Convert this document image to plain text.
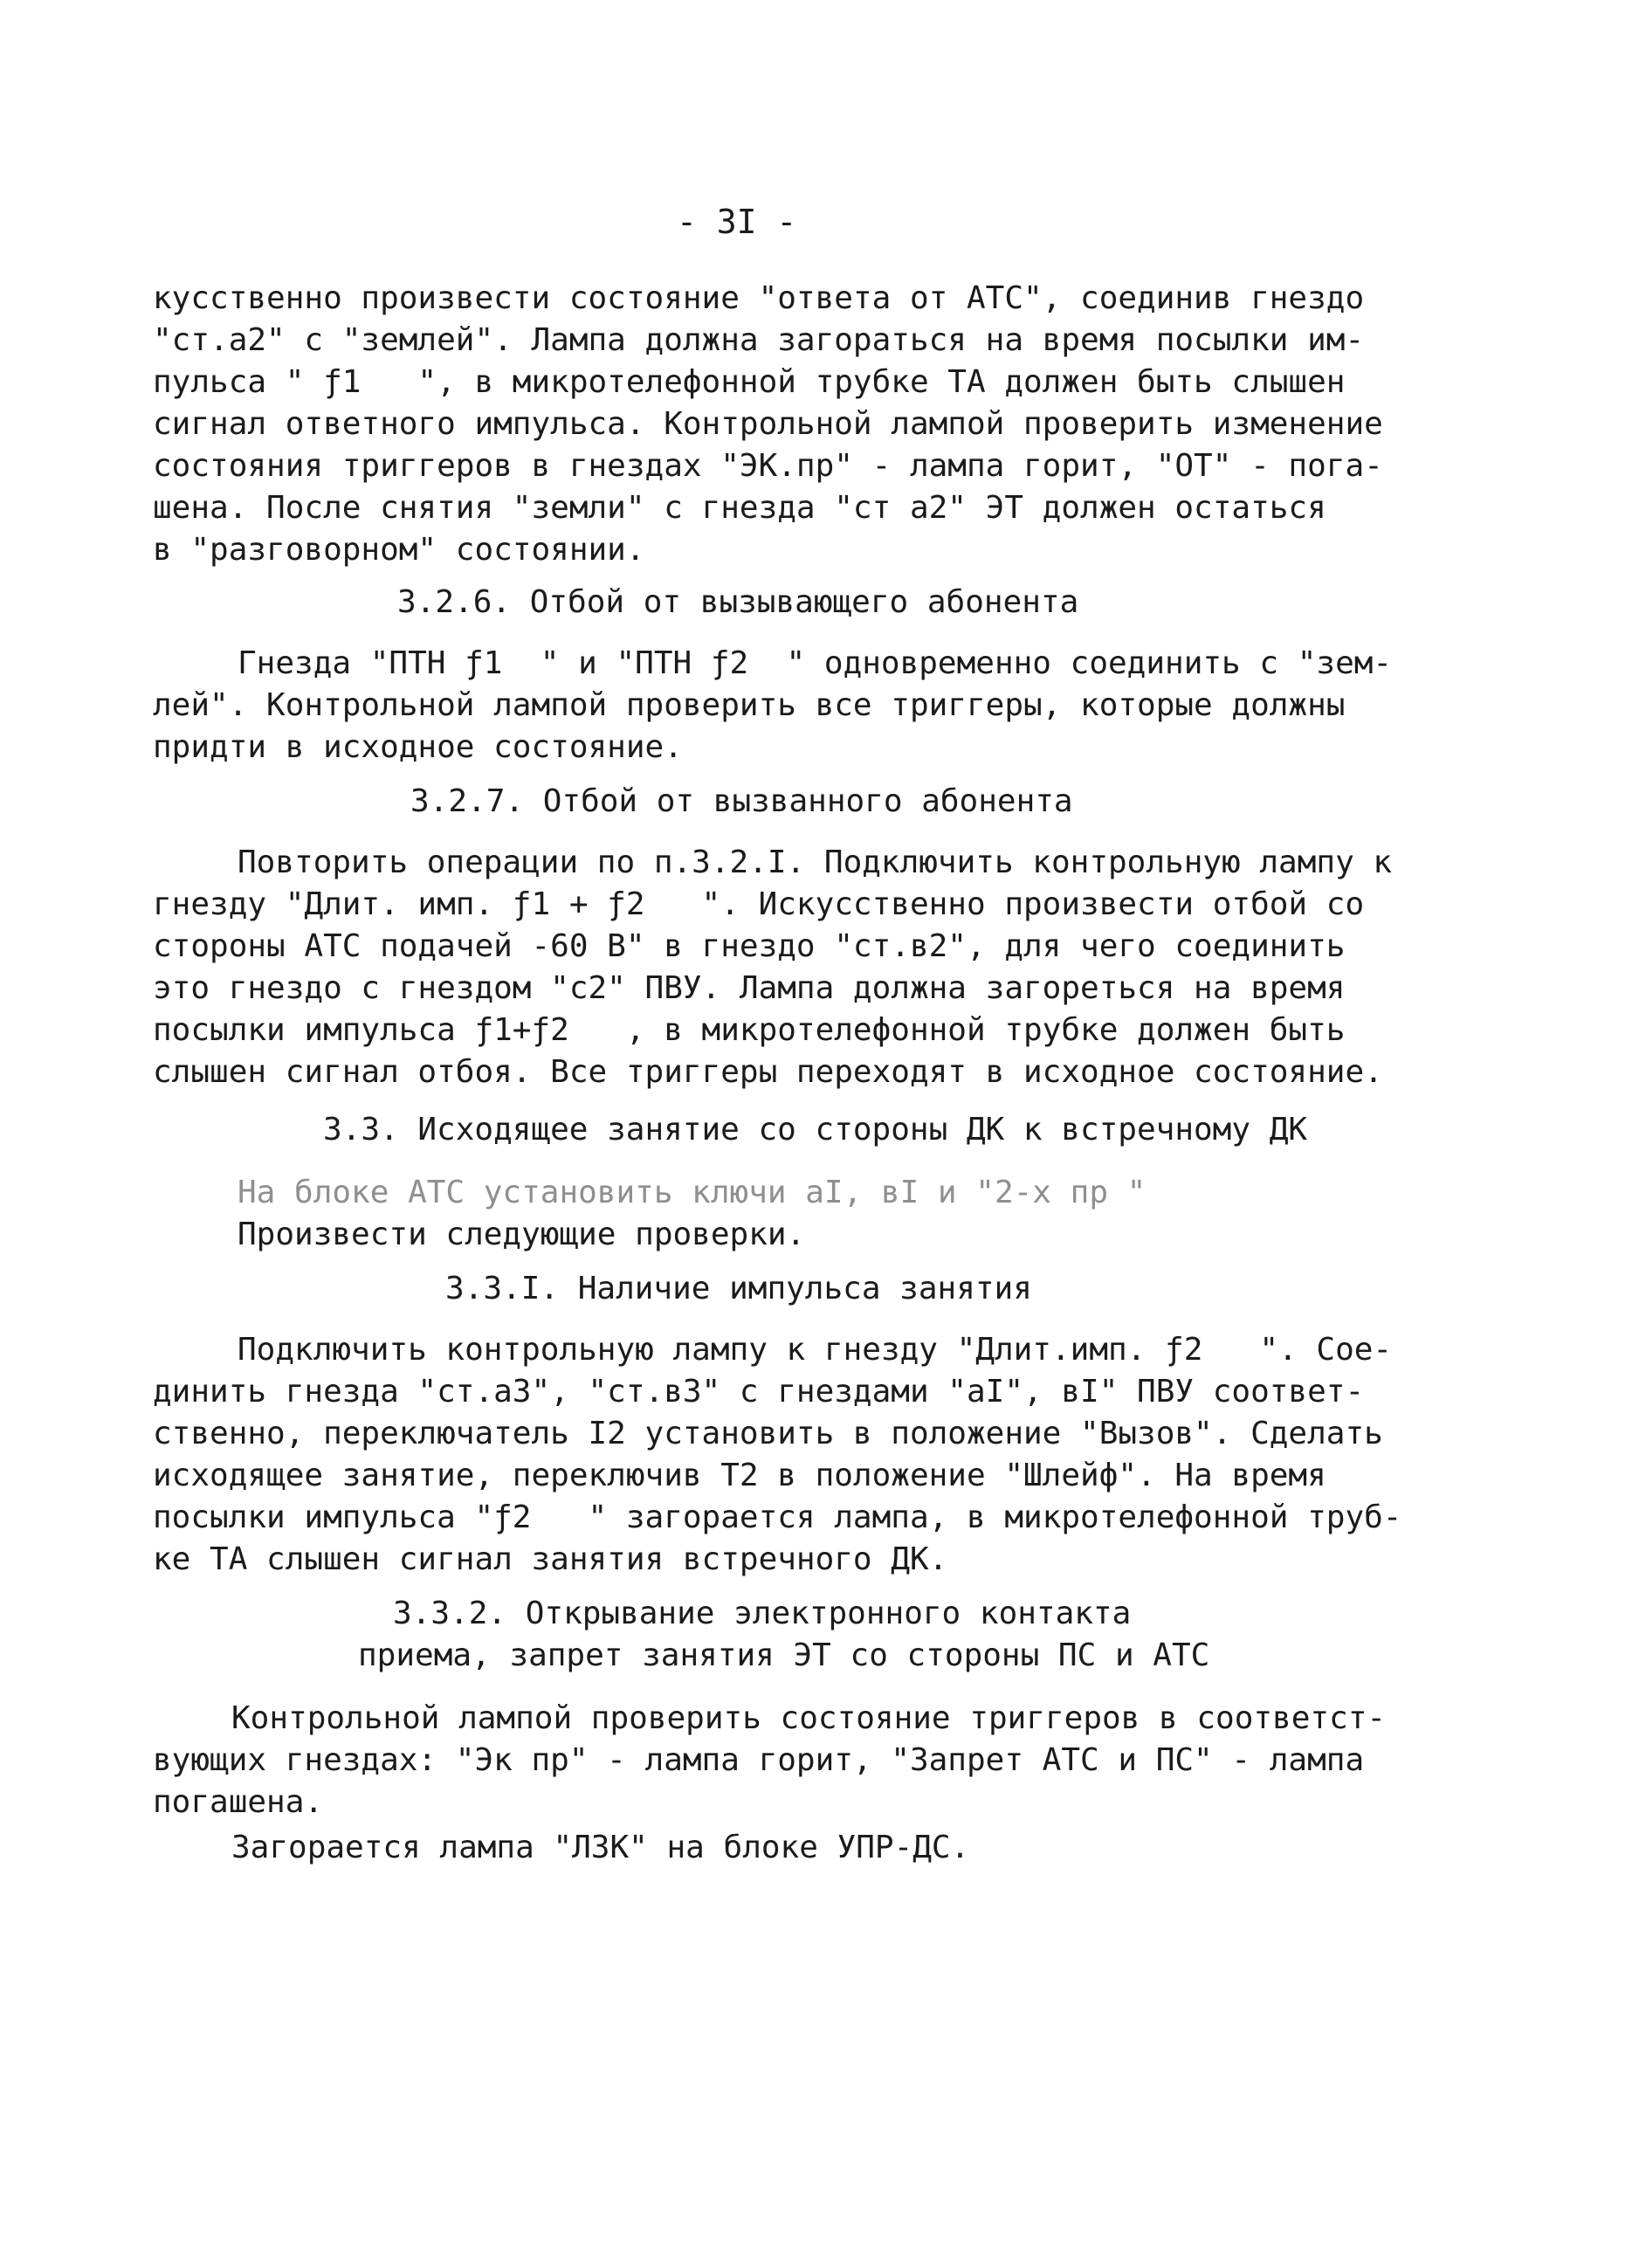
- 3I -
кусственно произвести состояние "ответа от АТС", соединив гнездо
"ст.а2" с "землей". Лампа должна загораться на время посылки им-
пульса " ƒ1   ", в микротелефонной трубке ТА должен быть слышен
сигнал ответного импульса. Контрольной лампой проверить изменение
состояния триггеров в гнездах "ЭК.пр" - лампа горит, "ОТ" - пога-
шена. После снятия "земли" с гнезда "ст а2" ЭТ должен остаться
в "разговорном" состоянии.
3.2.6. Отбой от вызывающего абонента
Гнезда "ПТН ƒ1  " и "ПТН ƒ2  " одновременно соединить с "зем-
лей". Контрольной лампой проверить все триггеры, которые должны
придти в исходное состояние.
3.2.7. Отбой от вызванного абонента
Повторить операции по п.3.2.I. Подключить контрольную лампу к
гнезду "Длит. имп. ƒ1 + ƒ2   ". Искусственно произвести отбой со
стороны АТС подачей -60 В" в гнездо "ст.в2", для чего соединить
это гнездо с гнездом "с2" ПВУ. Лампа должна загореться на время
посылки импульса ƒ1+ƒ2   , в микротелефонной трубке должен быть
слышен сигнал отбоя. Все триггеры переходят в исходное состояние.
3.3. Исходящее занятие со стороны ДК к встречному ДК
На блоке АТС установить ключи аI, вI и "2-х пр "
Произвести следующие проверки.
3.3.I. Наличие импульса занятия
Подключить контрольную лампу к гнезду "Длит.имп. ƒ2   ". Сое-
динить гнезда "ст.а3", "ст.в3" с гнездами "аI", вI" ПВУ соответ-
ственно, переключатель I2 установить в положение "Вызов". Сделать
исходящее занятие, переключив Т2 в положение "Шлейф". На время
посылки импульса "ƒ2   " загорается лампа, в микротелефонной труб-
ке ТА слышен сигнал занятия встречного ДК.
3.3.2. Открывание электронного контакта
приема, запрет занятия ЭТ со стороны ПС и АТС
Контрольной лампой проверить состояние триггеров в соответст-
вующих гнездах: "Эк пр" - лампа горит, "Запрет АТС и ПС" - лампа
погашена.
Загорается лампа "ЛЗК" на блоке УПР-ДС.
